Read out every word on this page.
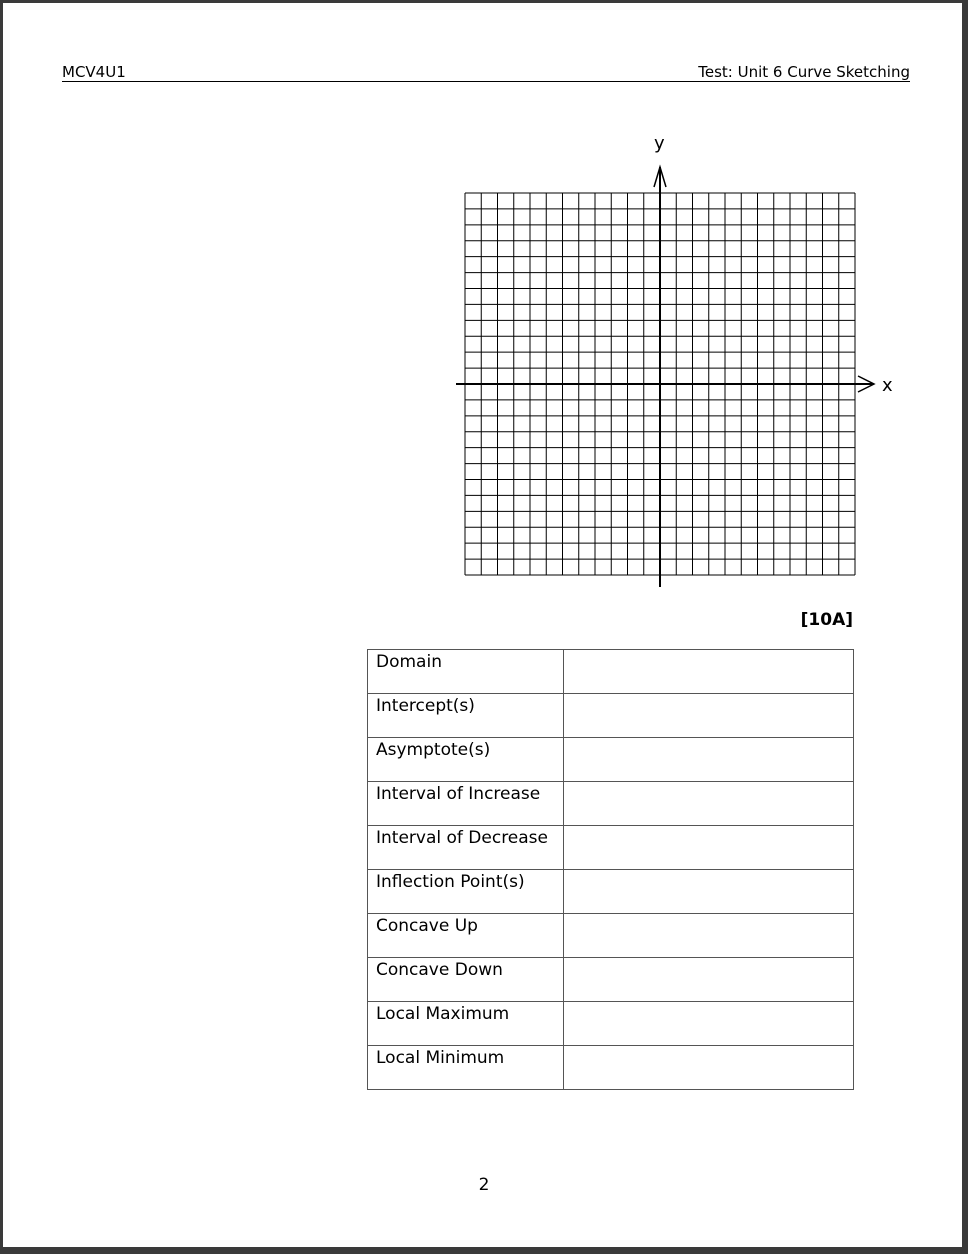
MCV4U1	Test: Unit 6 Curve Sketching
x
y
[10A]
Domain	
Intercept(s)	
Asymptote(s)	
Interval of Increase	
Interval of Decrease	
Inflection Point(s)	
Concave Up	
Concave Down	
Local Maximum	
Local Minimum	
2
